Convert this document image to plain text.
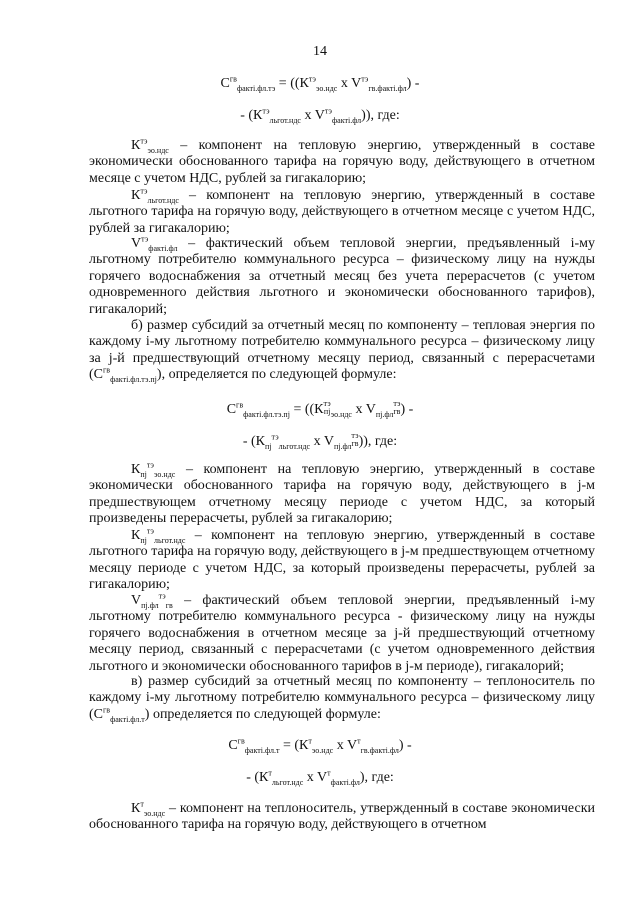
14
$С^{гв}_{факті.фл.тэ} = ((К^{тэ}_{эо.ндс}$ x $V^{тэ}_{гв.факті.фл}$) -
- ($К^{тэ}_{льгот.ндс}$ x $V^{тэ}_{факті.фл}$)), где:

$К^{тэ}_{эо.ндс}$ – компонент на тепловую энергию, утвержденный в составе экономически обоснованного тарифа на горячую воду, действующего в отчетном месяце с учетом НДС, рублей за гигакалорию;

$К^{тэ}_{льгот.ндс}$ – компонент на тепловую энергию, утвержденный в составе льготного тарифа на горячую воду, действующего в отчетном месяце с учетом НДС, рублей за гигакалорию;

$V^{тэ}_{факті.фл}$ – фактический объем тепловой энергии, предъявленный i-му льготному потребителю коммунального ресурса – физическому лицу на нужды горячего водоснабжения за отчетный месяц без учета перерасчетов (с учетом одновременного действия льготного и экономически обоснованного тарифов), гигакалорий;

б) размер субсидий за отчетный месяц по компоненту – тепловая энергия по каждому i-му льготному потребителю коммунального ресурса – физическому лицу за j-й предшествующий отчетному месяцу период, связанный с перерасчетами $(С^{гв}_{факті.фл.тэ.пj})$, определяется по следующей формуле:

$С^{гв}_{факті.фл.тэ.пj} = ((К$ тэ
пj $_{эо.ндс}$ x $V_{пj.фл}$
тэ
гв ) -
- ($К_{пj}^{тэ}_{льгот.ндс}$ x $V_{пj.фл}$
тэ
гв )), где:

$К_{пj}^{тэ}_{эо.ндс}$ – компонент на тепловую энергию, утвержденный в составе экономически обоснованного тарифа на горячую воду, действующего в j-м предшествующем отчетному месяцу периоде с учетом НДС, за который произведены перерасчеты, рублей за гигакалорию;

$К_{пj}^{тэ}_{льгот.ндс}$ – компонент на тепловую энергию, утвержденный в составе льготного тарифа на горячую воду, действующего в j-м предшествующем отчетному месяцу периоде с учетом НДС, за который произведены перерасчеты, рублей за гигакалорию;

$V_{пj.фл}^{тэ}_{гв}$ – фактический объем тепловой энергии, предъявленный i-му льготному потребителю коммунального ресурса - физическому лицу на нужды горячего водоснабжения в отчетном месяце за j-й предшествующий отчетному месяцу период, связанный с перерасчетами (с учетом одновременного действия льготного и экономически обоснованного тарифов в j-м периоде), гигакалорий;

в) размер субсидий за отчетный месяц по компоненту – теплоноситель по каждому i-му льготному потребителю коммунального ресурса – физическому лицу $(С^{гв}_{факті.фл.т})$ определяется по следующей формуле:

$С^{гв}_{факті.фл.т} = (К^т_{эо.ндс}$ x $V^т_{гв.факті.фл}$) -
- ($К^т_{льгот.ндс}$ x $V^т_{факті.фл}$), где:

$К^т_{эо.ндс}$ – компонент на теплоноситель, утвержденный в составе экономически обоснованного тарифа на горячую воду, действующего в отчетном
